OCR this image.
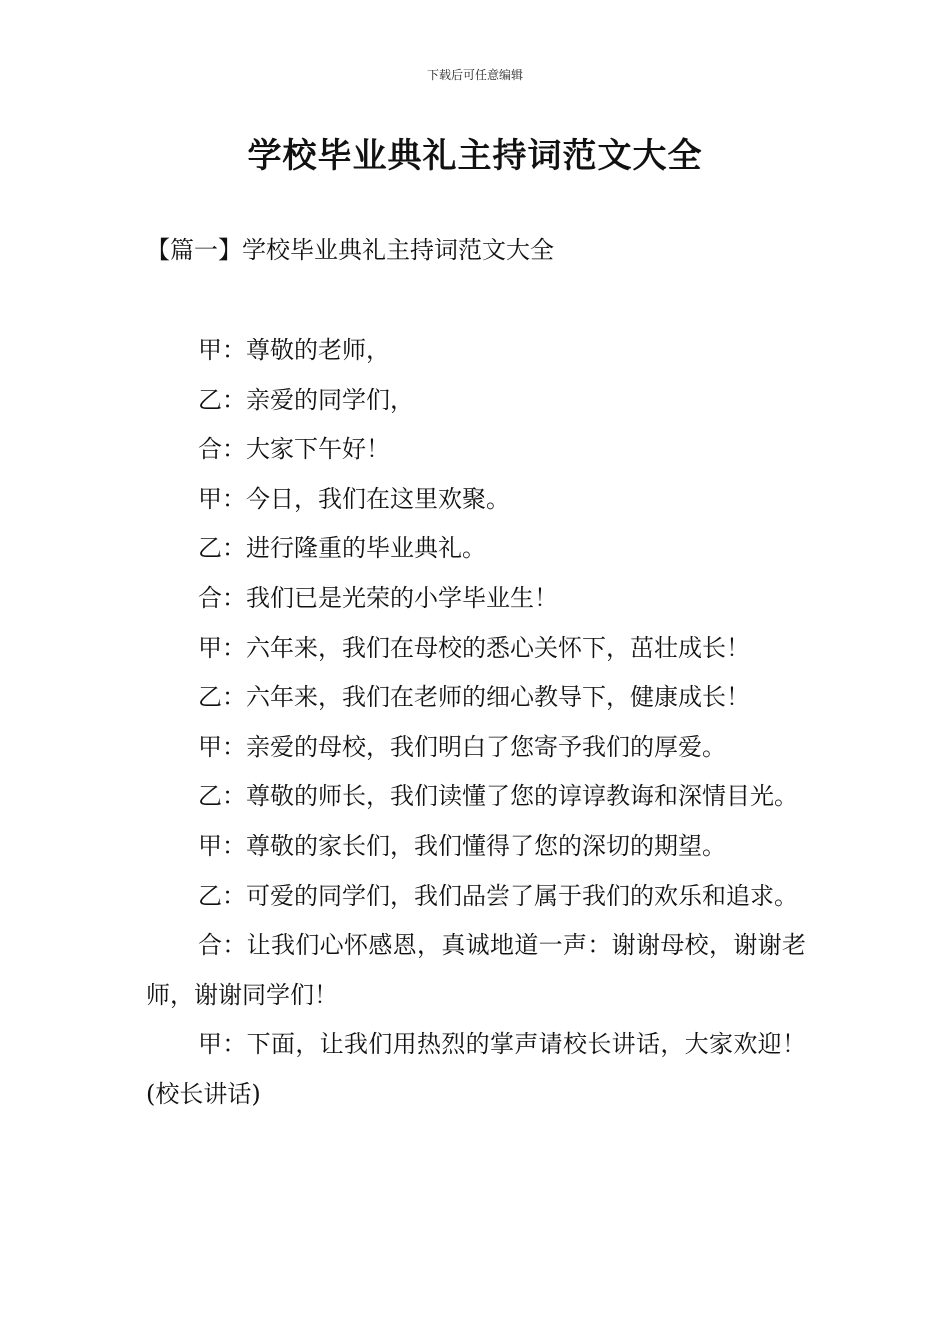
下载后可任意编辑
学校毕业典礼主持词范文大全
【篇一】学校毕业典礼主持词范文大全

甲：尊敬的老师，

乙：亲爱的同学们，

合：大家下午好！

甲：今日，我们在这里欢聚。

乙：进行隆重的毕业典礼。

合：我们已是光荣的小学毕业生！

甲：六年来，我们在母校的悉心关怀下，茁壮成长！

乙：六年来，我们在老师的细心教导下，健康成长！

甲：亲爱的母校，我们明白了您寄予我们的厚爱。

乙：尊敬的师长，我们读懂了您的谆谆教诲和深情目光。

甲：尊敬的家长们，我们懂得了您的深切的期望。

乙：可爱的同学们，我们品尝了属于我们的欢乐和追求。

合：让我们心怀感恩，真诚地道一声：谢谢母校，谢谢老师，谢谢同学们！

甲：下面，让我们用热烈的掌声请校长讲话，大家欢迎！(校长讲话)
